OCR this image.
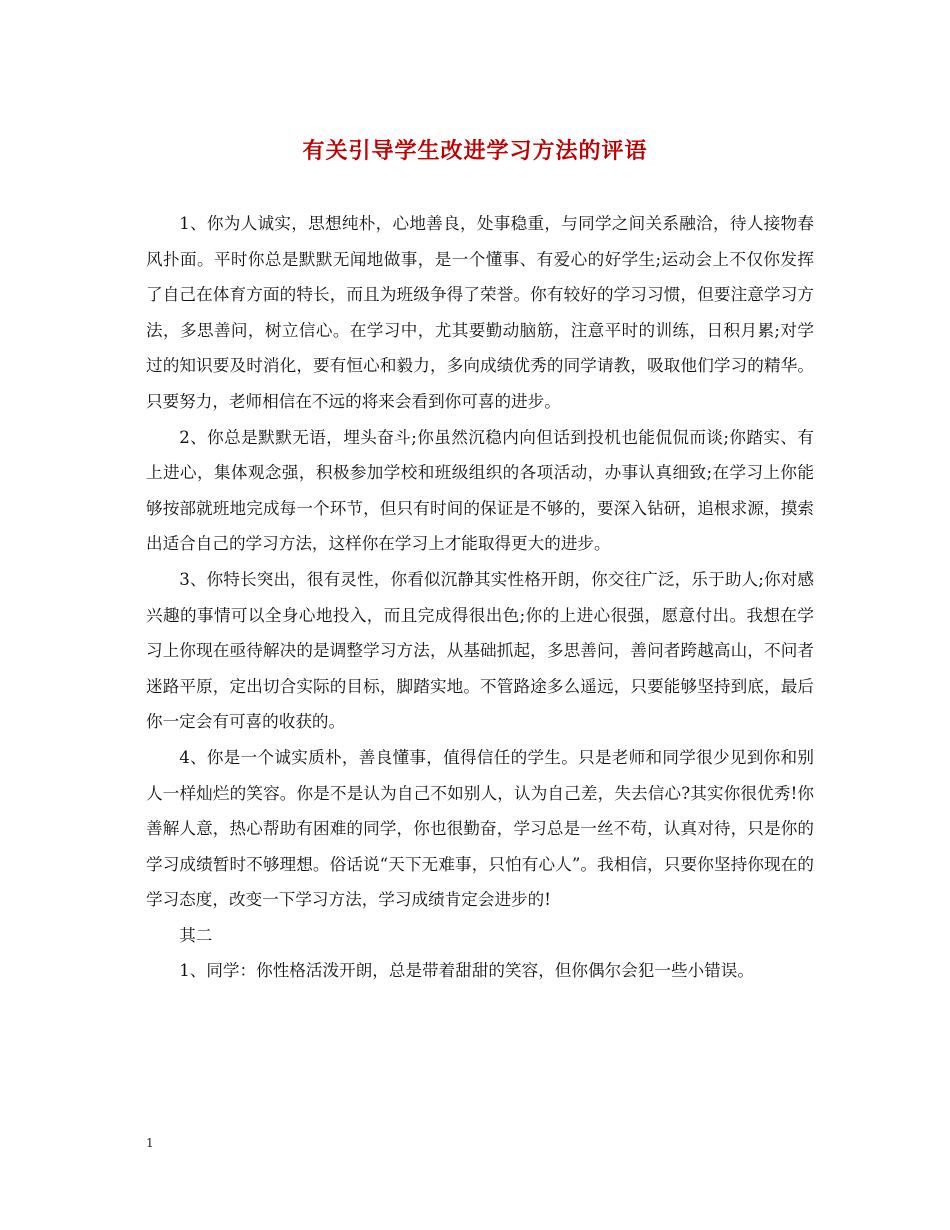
有关引导学生改进学习方法的评语

1、你为人诚实，思想纯朴，心地善良，处事稳重，与同学之间关系融洽，待人接物春风扑面。平时你总是默默无闻地做事，是一个懂事、有爱心的好学生;运动会上不仅你发挥了自己在体育方面的特长，而且为班级争得了荣誉。你有较好的学习习惯，但要注意学习方法，多思善问，树立信心。在学习中，尤其要勤动脑筋，注意平时的训练，日积月累;对学过的知识要及时消化，要有恒心和毅力，多向成绩优秀的同学请教，吸取他们学习的精华。只要努力，老师相信在不远的将来会看到你可喜的进步。

2、你总是默默无语，埋头奋斗;你虽然沉稳内向但话到投机也能侃侃而谈;你踏实、有上进心，集体观念强，积极参加学校和班级组织的各项活动，办事认真细致;在学习上你能够按部就班地完成每一个环节，但只有时间的保证是不够的，要深入钻研，追根求源，摸索出适合自己的学习方法，这样你在学习上才能取得更大的进步。

3、你特长突出，很有灵性，你看似沉静其实性格开朗，你交往广泛，乐于助人;你对感兴趣的事情可以全身心地投入，而且完成得很出色;你的上进心很强，愿意付出。我想在学习上你现在亟待解决的是调整学习方法，从基础抓起，多思善问，善问者跨越高山，不问者迷路平原，定出切合实际的目标，脚踏实地。不管路途多么遥远，只要能够坚持到底，最后你一定会有可喜的收获的。

4、你是一个诚实质朴，善良懂事，值得信任的学生。只是老师和同学很少见到你和别人一样灿烂的笑容。你是不是认为自己不如别人，认为自己差，失去信心?其实你很优秀!你善解人意，热心帮助有困难的同学，你也很勤奋，学习总是一丝不苟，认真对待，只是你的学习成绩暂时不够理想。俗话说“天下无难事，只怕有心人”。我相信，只要你坚持你现在的学习态度，改变一下学习方法，学习成绩肯定会进步的!

其二

1、同学：你性格活泼开朗，总是带着甜甜的笑容，但你偶尔会犯一些小错误。

1
